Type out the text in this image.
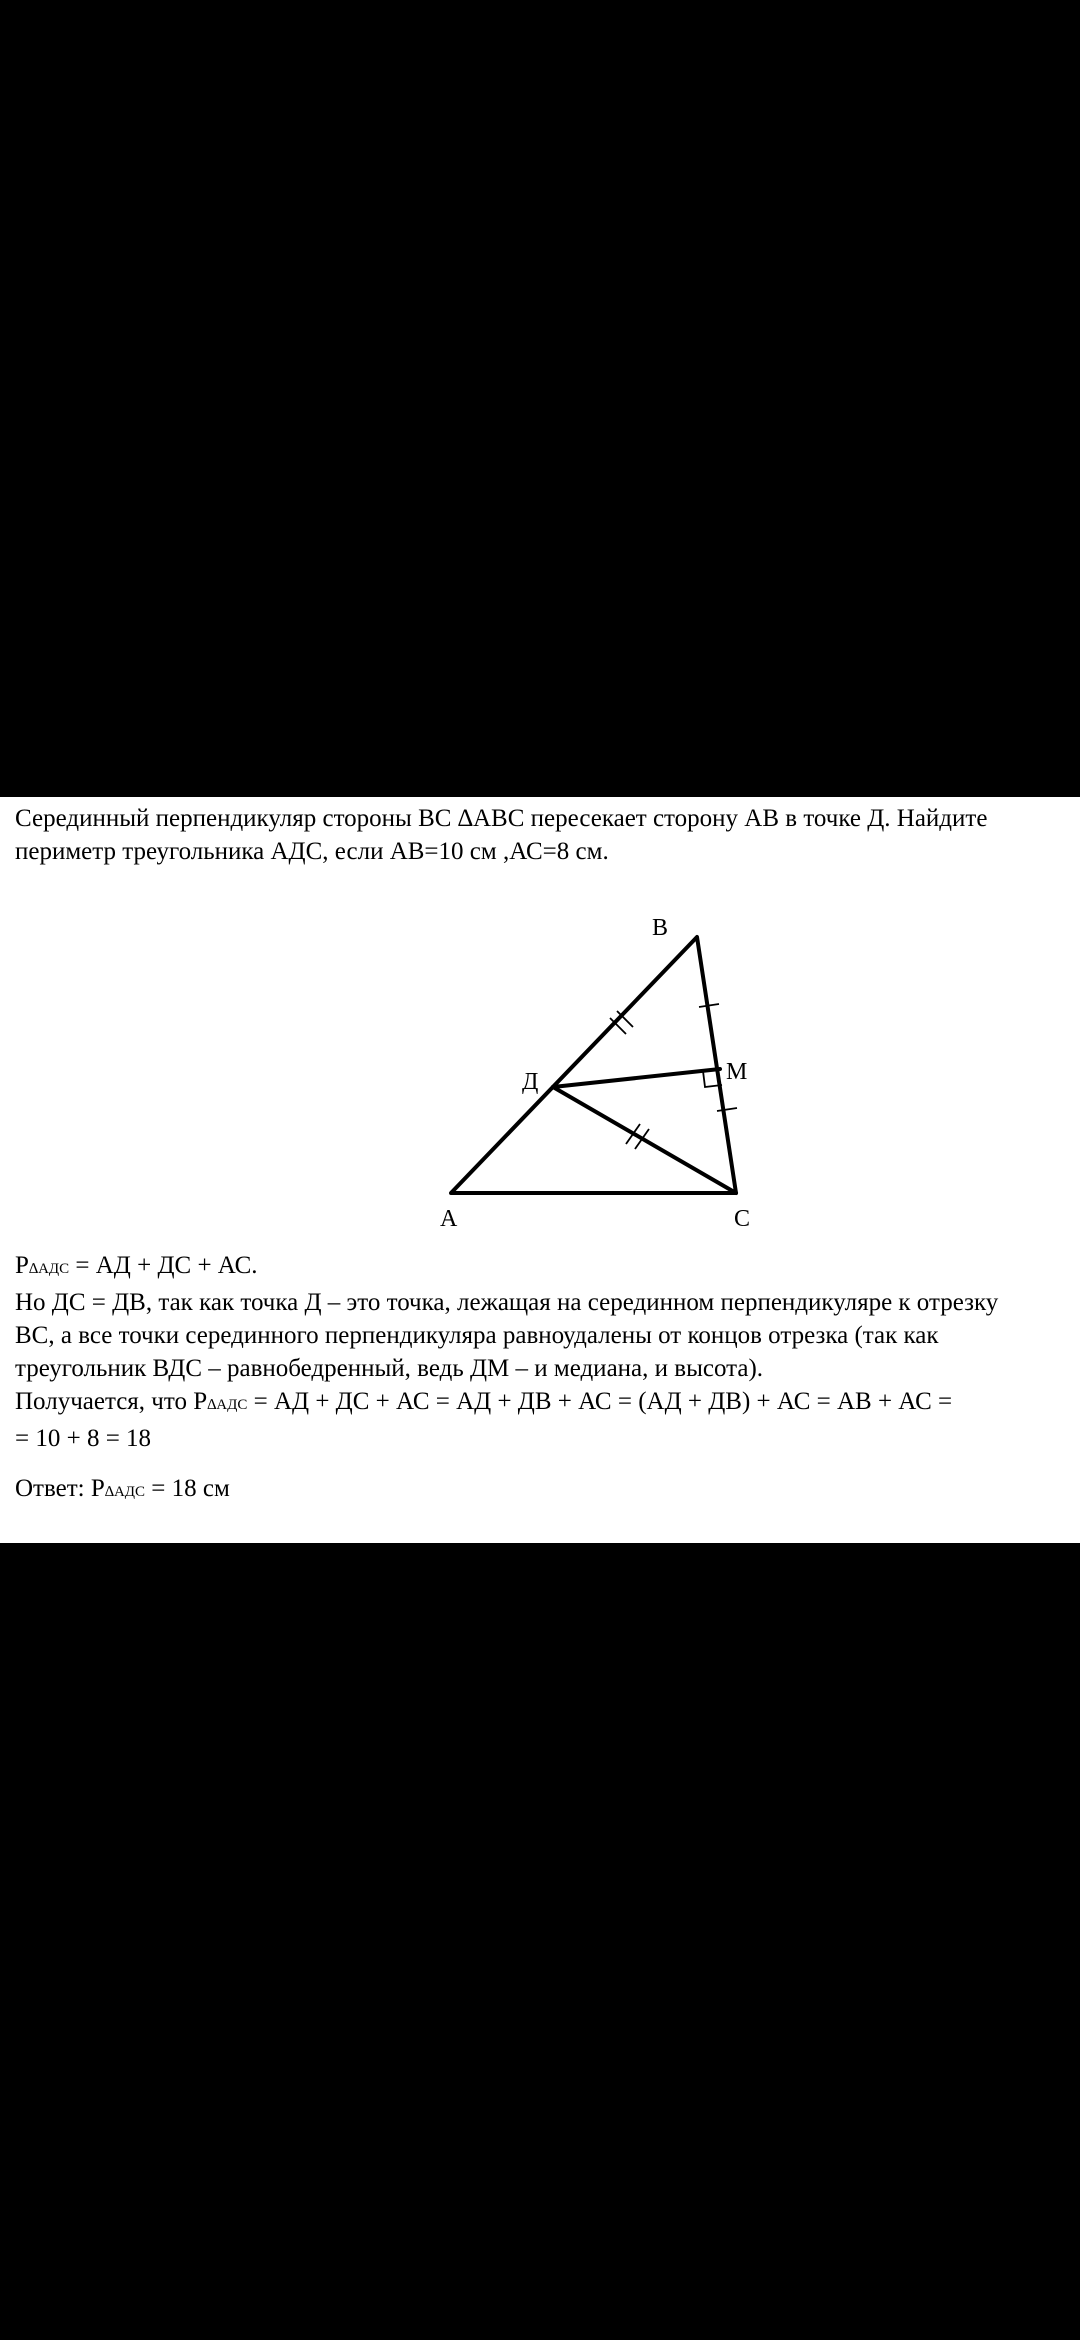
Серединный перпендикуляр стороны ВС ∆АВС пересекает сторону АВ в точке Д. Найдите
периметр треугольника АДС, если АВ=10 см ,АС=8 см.
В
Д	М
А	С
Р∆АДС = АД + ДС + АС.
Но ДС = ДВ, так как точка Д – это точка, лежащая на серединном перпендикуляре к отрезку
ВС, а все точки серединного перпендикуляра равноудалены от концов отрезка (так как
треугольник ВДС – равнобедренный, ведь ДМ – и медиана, и высота).
Получается, что Р∆АДС = АД + ДС + АС = АД + ДВ + АС = (АД + ДВ) + АС = АВ + АС =
= 10 + 8 = 18
Ответ: Р∆АДС = 18 см
